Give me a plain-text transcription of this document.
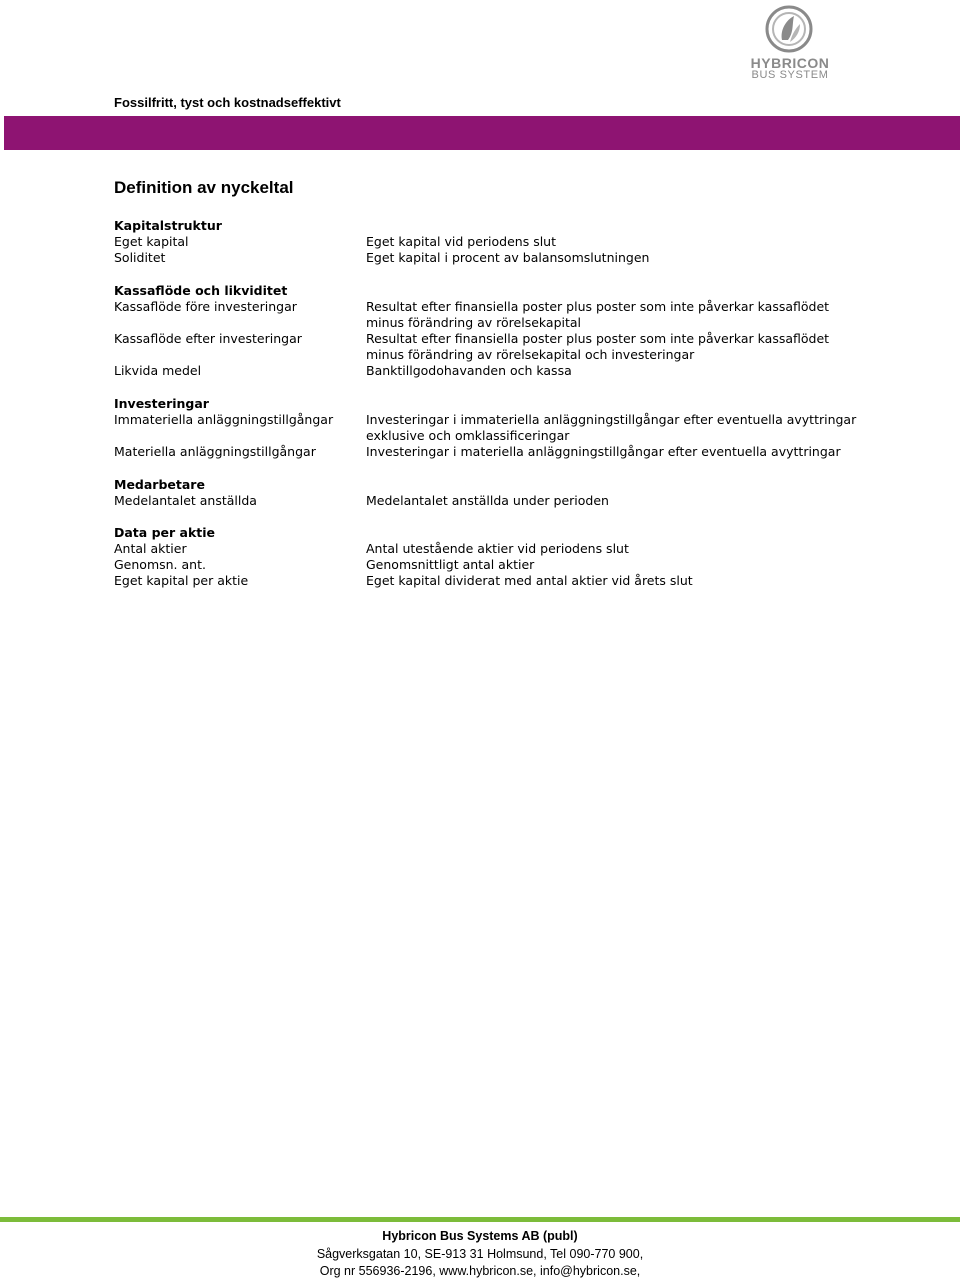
HYBRICON
BUS SYSTEM
Fossilfritt, tyst och kostnadseffektivt
Definition av nyckeltal
Kapitalstruktur
Eget kapital	Eget kapital vid periodens slut
Soliditet	Eget kapital i procent av balansomslutningen
Kassaflöde och likviditet
Kassaflöde före investeringar	Resultat efter finansiella poster plus poster som inte påverkar kassaflödet
minus förändring av rörelsekapital
Kassaflöde efter investeringar	Resultat efter finansiella poster plus poster som inte påverkar kassaflödet
minus förändring av rörelsekapital och investeringar
Likvida medel	Banktillgodohavanden och kassa
Investeringar
Immateriella anläggningstillgångar	Investeringar i immateriella anläggningstillgångar efter eventuella avyttringar
exklusive och omklassificeringar
Materiella anläggningstillgångar	Investeringar i materiella anläggningstillgångar efter eventuella avyttringar
Medarbetare
Medelantalet anställda	Medelantalet anställda under perioden
Data per aktie
Antal aktier	Antal utestående aktier vid periodens slut
Genomsn. ant.	Genomsnittligt antal aktier
Eget kapital per aktie	Eget kapital dividerat med antal aktier vid årets slut
Hybricon Bus Systems AB (publ)
Sågverksgatan 10, SE-913 31 Holmsund, Tel 090-770 900,
Org nr 556936-2196, www.hybricon.se, info@hybricon.se,
